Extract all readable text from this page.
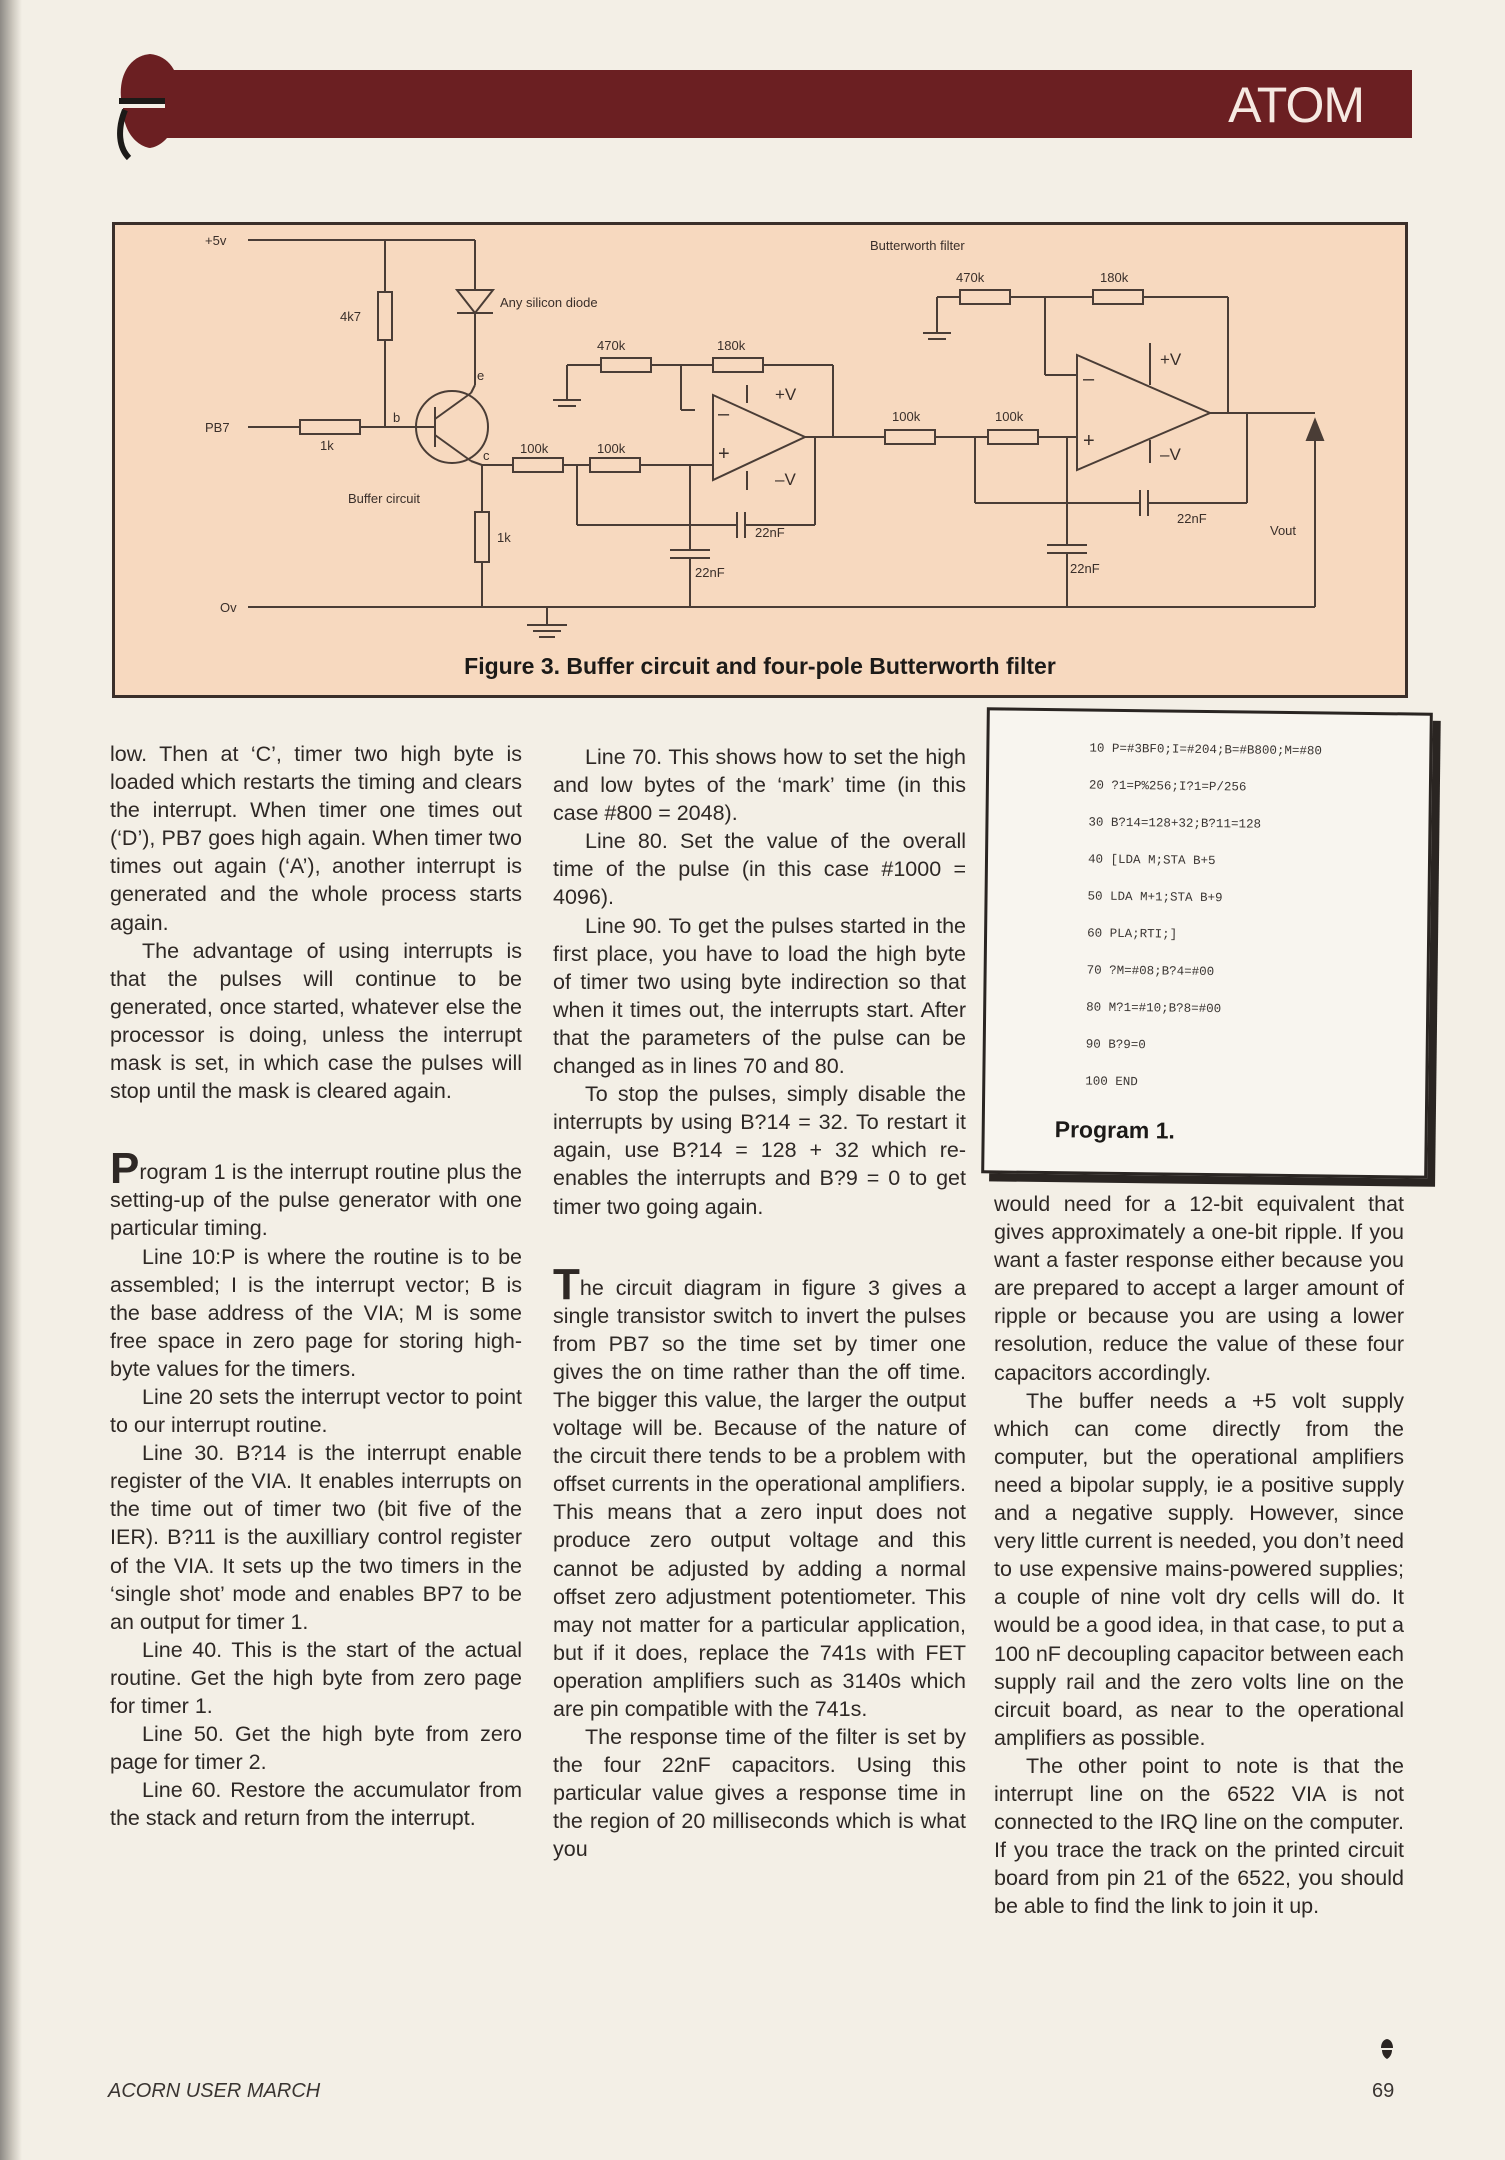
ATOM
+5v
PB7
Ov
4k7
1k
Any silicon diode
Buffer circuit
e
b
c
1k
Butterworth filter
470k	180k
470k	180k
100k	100k
100k	100k
22nF
22nF
22nF
22nF
+V
–V
+V
–V
–
+
–
+
Vout
Figure 3. Buffer circuit and four-pole Butterworth filter

low. Then at ‘C’, timer two high byte is loaded which restarts the timing and clears the interrupt. When timer one times out (‘D’), PB7 goes high again. When timer two times out again (‘A’), another interrupt is generated and the whole process starts again.

The advantage of using interrupts is that the pulses will continue to be generated, once started, whatever else the processor is doing, unless the interrupt mask is set, in which case the pulses will stop until the mask is cleared again.

Program 1 is the interrupt routine plus the setting-up of the pulse generator with one particular timing.

Line 10:P is where the routine is to be assembled; I is the interrupt vector; B is the base address of the VIA; M is some free space in zero page for storing high-byte values for the timers.

Line 20 sets the interrupt vector to point to our interrupt routine.

Line 30. B?14 is the interrupt enable register of the VIA. It enables interrupts on the time out of timer two (bit five of the IER). B?11 is the auxilliary control register of the VIA. It sets up the two timers in the ‘single shot’ mode and enables BP7 to be an output for timer 1.

Line 40. This is the start of the actual routine. Get the high byte from zero page for timer 1.

Line 50. Get the high byte from zero page for timer 2.

Line 60. Restore the accumulator from the stack and return from the interrupt.

Line 70. This shows how to set the high and low bytes of the ‘mark’ time (in this case #800 = 2048).

Line 80. Set the value of the overall time of the pulse (in this case #1000 = 4096).

Line 90. To get the pulses started in the first place, you have to load the high byte of timer two using byte indirection so that when it times out, the interrupts start. After that the parameters of the pulse can be changed as in lines 70 and 80.

To stop the pulses, simply disable the interrupts by using B?14 = 32. To restart it again, use B?14 = 128 + 32 which re-enables the interrupts and B?9 = 0 to get timer two going again.

The circuit diagram in figure 3 gives a single transistor switch to invert the pulses from PB7 so the time set by timer one gives the on time rather than the off time. The bigger this value, the larger the output voltage will be. Because of the nature of the circuit there tends to be a problem with offset currents in the operational amplifiers. This means that a zero input does not produce zero output voltage and this cannot be adjusted by adding a normal offset zero adjustment potentiometer. This may not matter for a particular application, but if it does, replace the 741s with FET operation amplifiers such as 3140s which are pin compatible with the 741s.

The response time of the filter is set by the four 22nF capacitors. Using this particular value gives a response time in the region of 20 milliseconds which is what you

10 P=#3BF0;I=#204;B=#B800;M=#80
20 ?1=P%256;I?1=P/256
30 B?14=128+32;B?11=128
40 [LDA M;STA B+5
50 LDA M+1;STA B+9
60 PLA;RTI;]
70 ?M=#08;B?4=#00
80 M?1=#10;B?8=#00
90 B?9=0
100 END
Program 1.

would need for a 12-bit equivalent that gives approximately a one-bit ripple. If you want a faster response either because you are prepared to accept a larger amount of ripple or because you are using a lower resolution, reduce the value of these four capacitors accordingly.

The buffer needs a +5 volt supply which can come directly from the computer, but the operational amplifiers need a bipolar supply, ie a positive supply and a negative supply. However, since very little current is needed, you don’t need to use expensive mains-powered supplies; a couple of nine volt dry cells will do. It would be a good idea, in that case, to put a 100 nF decoupling capacitor between each supply rail and the zero volts line on the circuit board, as near to the operational amplifiers as possible.

The other point to note is that the interrupt line on the 6522 VIA is not connected to the IRQ line on the computer. If you trace the track on the printed circuit board from pin 21 of the 6522, you should be able to find the link to join it up.

ACORN USER MARCH	69
